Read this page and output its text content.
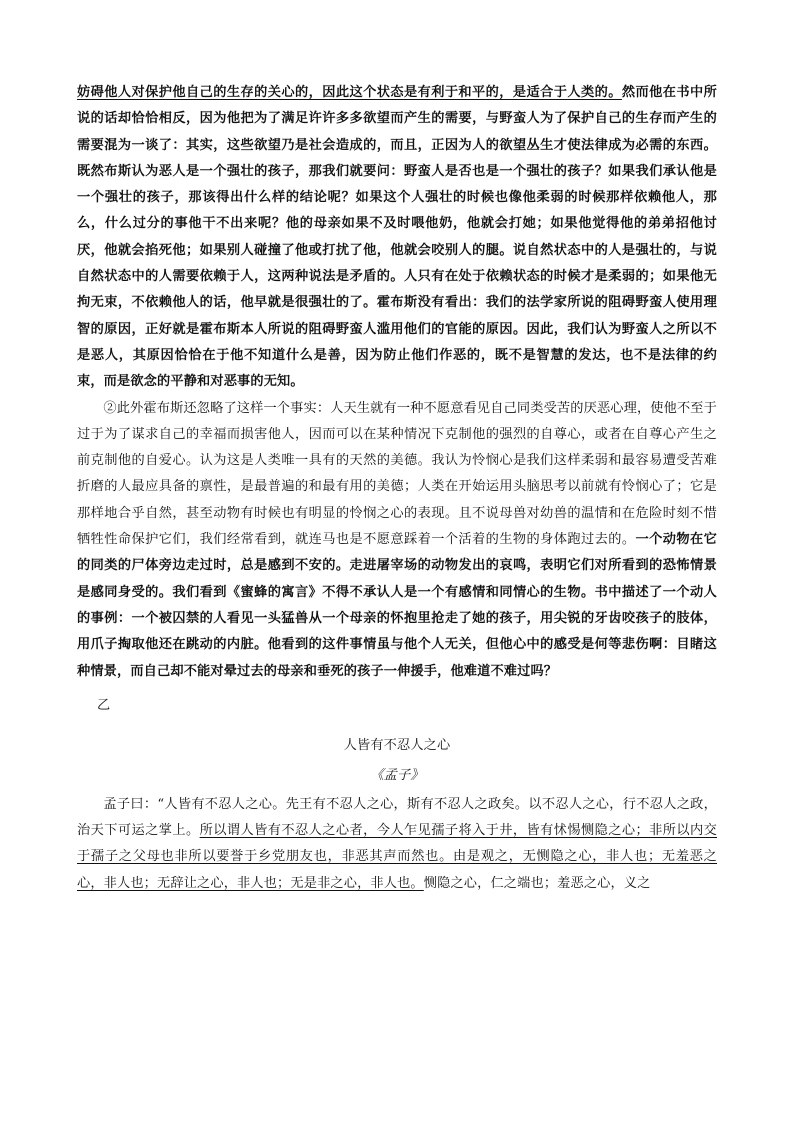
妨碍他人对保护他自己的生存的关心的，因此这个状态是有利于和平的，是适合于人类的。然而他在书中所说的话却恰恰相反，因为他把为了满足许许多多欲望而产生的需要，与野蛮人为了保护自己的生存而产生的需要混为一谈了：其实，这些欲望乃是社会造成的，而且，正因为人的欲望丛生才使法律成为必需的东西。既然布斯认为恶人是一个强壮的孩子，那我们就要问：野蛮人是否也是一个强壮的孩子？如果我们承认他是一个强壮的孩子，那该得出什么样的结论呢？如果这个人强壮的时候也像他柔弱的时候那样依赖他人，那么，什么过分的事他干不出来呢？他的母亲如果不及时喂他奶，他就会打她；如果他觉得他的弟弟招他讨厌，他就会掐死他；如果别人碰撞了他或打扰了他，他就会咬别人的腿。说自然状态中的人是强壮的，与说自然状态中的人需要依赖于人，这两种说法是矛盾的。人只有在处于依赖状态的时候才是柔弱的；如果他无拘无束，不依赖他人的话，他早就是很强壮的了。霍布斯没有看出：我们的法学家所说的阻碍野蛮人使用理智的原因，正好就是霍布斯本人所说的阻碍野蛮人滥用他们的官能的原因。因此，我们认为野蛮人之所以不是恶人，其原因恰恰在于他不知道什么是善，因为防止他们作恶的，既不是智慧的发达，也不是法律的约束，而是欲念的平静和对恶事的无知。

②此外霍布斯还忽略了这样一个事实：人天生就有一种不愿意看见自己同类受苦的厌恶心理，使他不至于过于为了谋求自己的幸福而损害他人，因而可以在某种情况下克制他的强烈的自尊心，或者在自尊心产生之前克制他的自爱心。认为这是人类唯一具有的天然的美德。我认为怜悯心是我们这样柔弱和最容易遭受苦难折磨的人最应具备的禀性，是最普遍的和最有用的美德；人类在开始运用头脑思考以前就有怜悯心了；它是那样地合乎自然，甚至动物有时候也有明显的怜悯之心的表现。且不说母兽对幼兽的温情和在危险时刻不惜牺牲性命保护它们，我们经常看到，就连马也是不愿意踩着一个活着的生物的身体跑过去的。一个动物在它的同类的尸体旁边走过时，总是感到不安的。走进屠宰场的动物发出的哀鸣，表明它们对所看到的恐怖情景是感同身受的。我们看到《蜜蜂的寓言》不得不承认人是一个有感情和同情心的生物。书中描述了一个动人的事例：一个被囚禁的人看见一头猛兽从一个母亲的怀抱里抢走了她的孩子，用尖锐的牙齿咬孩子的肢体，用爪子掏取他还在跳动的内脏。他看到的这件事情虽与他个人无关，但他心中的感受是何等悲伤啊：目睹这种情景，而自己却不能对晕过去的母亲和垂死的孩子一伸援手，他难道不难过吗？

乙

人皆有不忍人之心

《孟子》

孟子曰：“人皆有不忍人之心。先王有不忍人之心，斯有不忍人之政矣。以不忍人之心，行不忍人之政，治天下可运之掌上。所以谓人皆有不忍人之心者，今人乍见孺子将入于井，皆有怵惕恻隐之心；非所以内交于孺子之父母也非所以要誉于乡党朋友也，非恶其声而然也。由是观之，无恻隐之心，非人也；无羞恶之心，非人也；无辞让之心，非人也；无是非之心，非人也。恻隐之心，仁之端也；羞恶之心，义之
